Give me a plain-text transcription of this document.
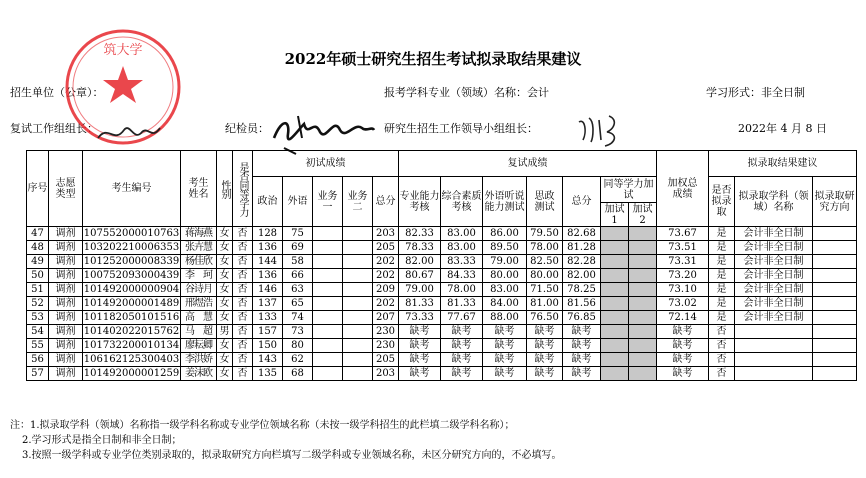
2022年硕士研究生招生考试拟录取结果建议
招生单位（公章）：	报考学科专业（领域）名称：会计	学习形式：非全日制
复试工作组组长：	纪检员：	研究生招生工作领导小组组长：	2022年 4 月 8 日
筑大学
序号	志愿类型	考生编号	考生姓名	性别	是否同等学力	初试成绩					复试成绩							加权总成绩	拟录取结果建议		
						政治	外语	业务一	业务二	总分	专业能力考核	综合素质考核	外语听说能力测试	思政测试	总分	同等学力加试			是否拟录取	拟录取学科（领域）名称	拟录取研究方向

																加试1	加试2				

47	调剂	107552000010763	蒋海燕	女	否	128	75			203	82.33	83.00	86.00	79.50	82.68			73.67	是	会计非全日制	
48	调剂	103202210006353	张卉慧	女	否	136	69			205	78.33	83.00	89.50	78.00	81.28			73.51	是	会计非全日制	
49	调剂	101252000008339	杨佳欣	女	否	144	58			202	82.00	83.33	79.00	82.50	82.28			73.31	是	会计非全日制	
50	调剂	100752093000439	李　珂	女	否	136	66			202	80.67	84.33	80.00	80.00	82.00			73.20	是	会计非全日制	
51	调剂	101492000000904	谷诗月	女	否	146	63			209	79.00	78.00	83.00	71.50	78.25			73.10	是	会计非全日制	
52	调剂	101492000001489	邢煜浩	女	否	137	65			202	81.33	81.33	84.00	81.00	81.56			73.02	是	会计非全日制	
53	调剂	101182050101516	高　慧	女	否	133	74			207	73.33	77.67	88.00	76.50	76.85			72.14	是	会计非全日制	
54	调剂	101402022015762	马　超	男	否	157	73			230	缺考	缺考	缺考	缺考	缺考			缺考	否		
55	调剂	101732200010134	廖耘卿	女	否	150	80			230	缺考	缺考	缺考	缺考	缺考			缺考	否		
56	调剂	106162125300403	李洪娇	女	否	143	62			205	缺考	缺考	缺考	缺考	缺考			缺考	否		
57	调剂	101492000001259	姜沫欧	女	否	135	68			203	缺考	缺考	缺考	缺考	缺考			缺考	否		
注：1.拟录取学科（领域）名称指一级学科名称或专业学位领域名称（未按一级学科招生的此栏填二级学科名称）；
2.学习形式是指全日制和非全日制；
3.按照一级学科或专业学位类别录取的，拟录取研究方向栏填写二级学科或专业领域名称，未区分研究方向的，不必填写。
